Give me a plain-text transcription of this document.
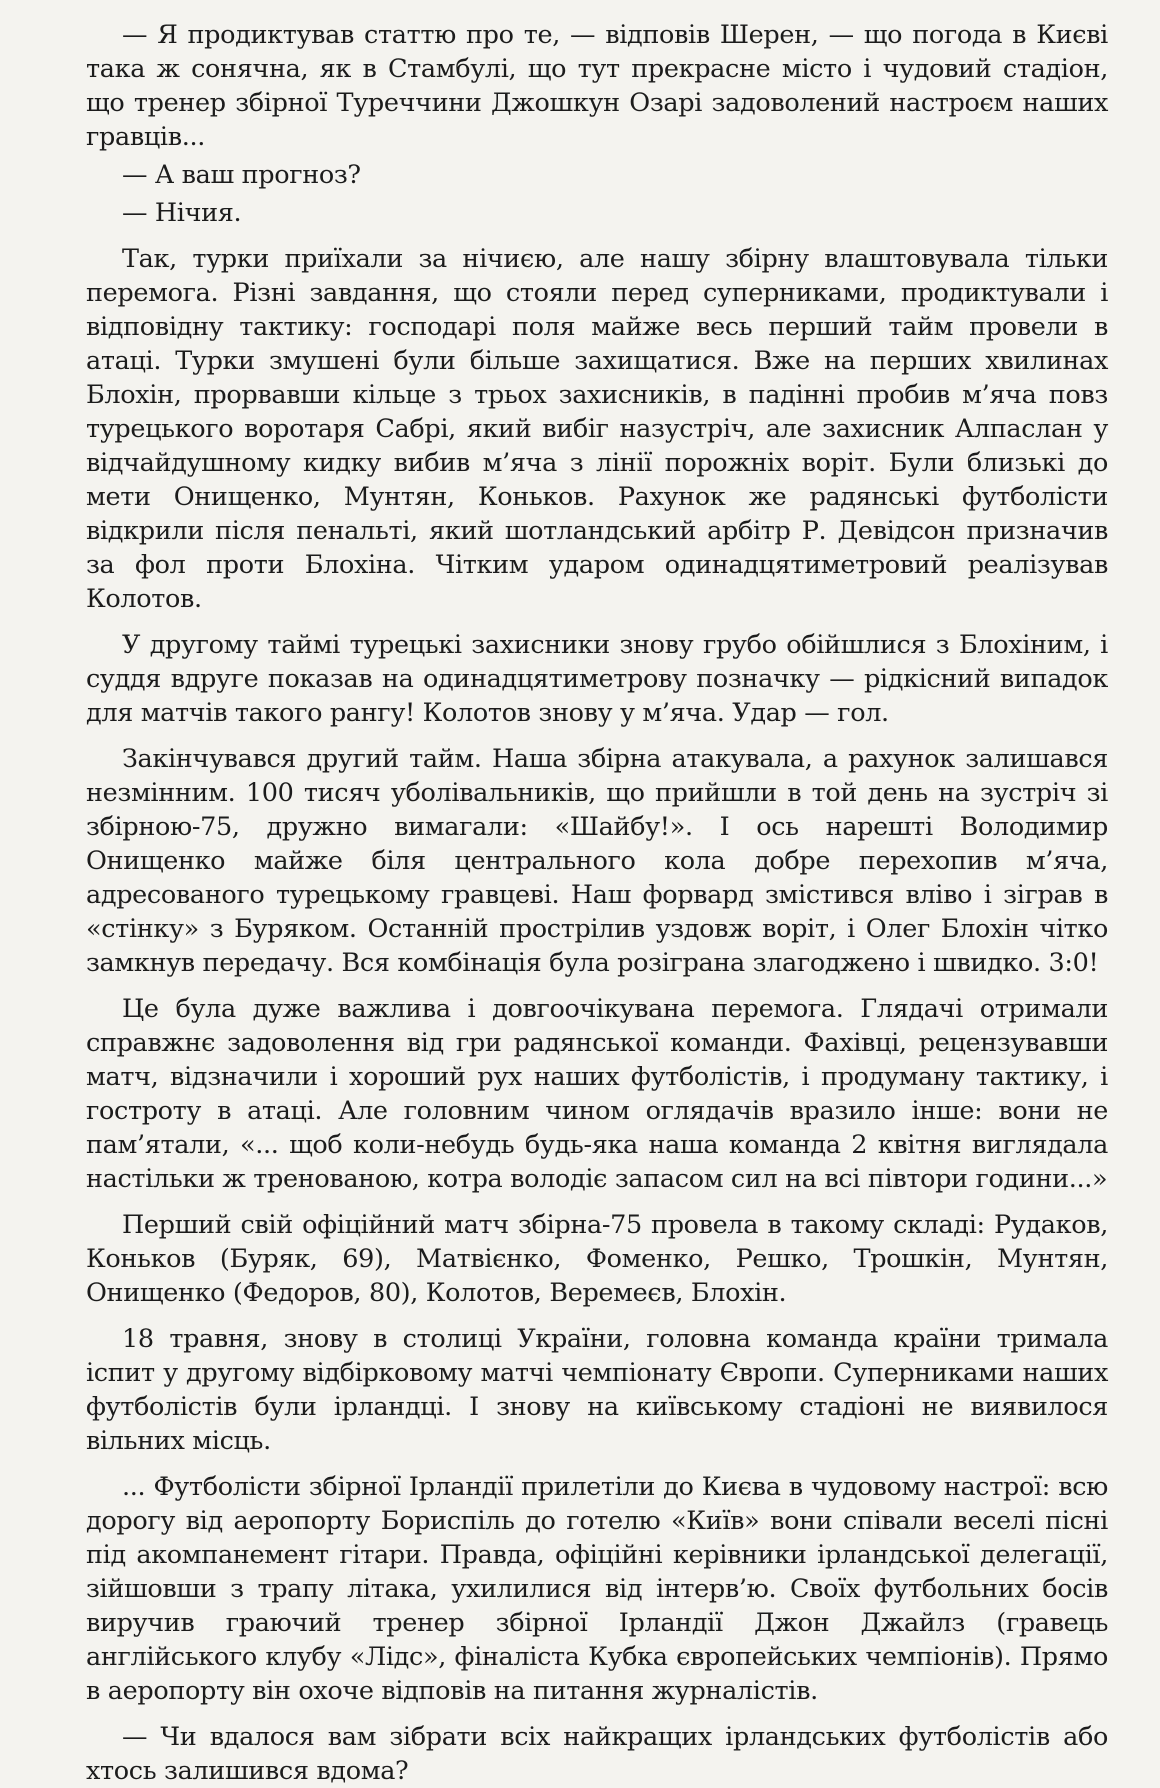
— Я продиктував статтю про те, — відповів Шерен, — що погода в Києві така ж сонячна, як в Стамбулі, що тут прекрасне місто і чудовий стадіон, що тренер збірної Туреччини Джошкун Озарі задоволений настроєм наших гравців...

— А ваш прогноз?

— Нічия.

Так, турки приїхали за нічиєю, але нашу збірну влаштовувала тільки перемога. Різні завдання, що стояли перед суперниками, продиктували і відповідну тактику: господарі поля майже весь перший тайм провели в атаці. Турки змушені були більше захищатися. Вже на перших хвилинах Блохін, прорвавши кільце з трьох захисників, в падінні пробив м’яча повз турецького воротаря Сабрі, який вибіг назустріч, але захисник Алпаслан у відчайдушному кидку вибив м’яча з лінії порожніх воріт. Були близькі до мети Онищенко, Мунтян, Коньков. Рахунок же радянські футболісти відкрили після пенальті, який шотландський арбітр Р. Девідсон призначив за фол проти Блохіна. Чітким ударом одинадцятиметровий реалізував Колотов.

У другому таймі турецькі захисники знову грубо обійшлися з Блохіним, і суддя вдруге показав на одинадцятиметрову позначку — рідкісний випадок для матчів такого рангу! Колотов знову у м’яча. Удар — гол.

Закінчувався другий тайм. Наша збірна атакувала, а рахунок залишався незмінним. 100 тисяч уболівальників, що прийшли в той день на зустріч зі збірною-75, дружно вимагали: «Шайбу!». І ось нарешті Володимир Онищенко майже біля центрального кола добре перехопив м’яча, адресованого турецькому гравцеві. Наш форвард змістився вліво і зіграв в «стінку» з Буряком. Останній прострілив уздовж воріт, і Олег Блохін чітко замкнув передачу. Вся комбінація була розіграна злагоджено і швидко. 3:0!

Це була дуже важлива і довгоочікувана перемога. Глядачі отримали справжнє задоволення від гри радянської команди. Фахівці, рецензувавши матч, відзначили і хороший рух наших футболістів, і продуману тактику, і гостроту в атаці. Але головним чином оглядачів вразило інше: вони не пам’ятали, «... щоб коли-небудь будь-яка наша команда 2 квітня виглядала настільки ж тренованою, котра володіє запасом сил на всі півтори години...»

Перший свій офіційний матч збірна-75 провела в такому складі: Рудаков, Коньков (Буряк, 69), Матвієнко, Фоменко, Решко, Трошкін, Мунтян, Онищенко (Федоров, 80), Колотов, Веремеєв, Блохін.

18 травня, знову в столиці України, головна команда країни тримала іспит у другому відбірковому матчі чемпіонату Європи. Суперниками наших футболістів були ірландці. І знову на київському стадіоні не виявилося вільних місць.

... Футболісти збірної Ірландії прилетіли до Києва в чудовому настрої: всю дорогу від аеропорту Бориспіль до готелю «Київ» вони співали веселі пісні під акомпанемент гітари. Правда, офіційні керівники ірландської делегації, зійшовши з трапу літака, ухилилися від інтерв’ю. Своїх футбольних босів виручив граючий тренер збірної Ірландії Джон Джайлз (гравець англійського клубу «Лідс», фіналіста Кубка європейських чемпіонів). Прямо в аеропорту він охоче відповів на питання журналістів.

— Чи вдалося вам зібрати всіх найкращих ірландських футболістів або хтось залишився вдома?
